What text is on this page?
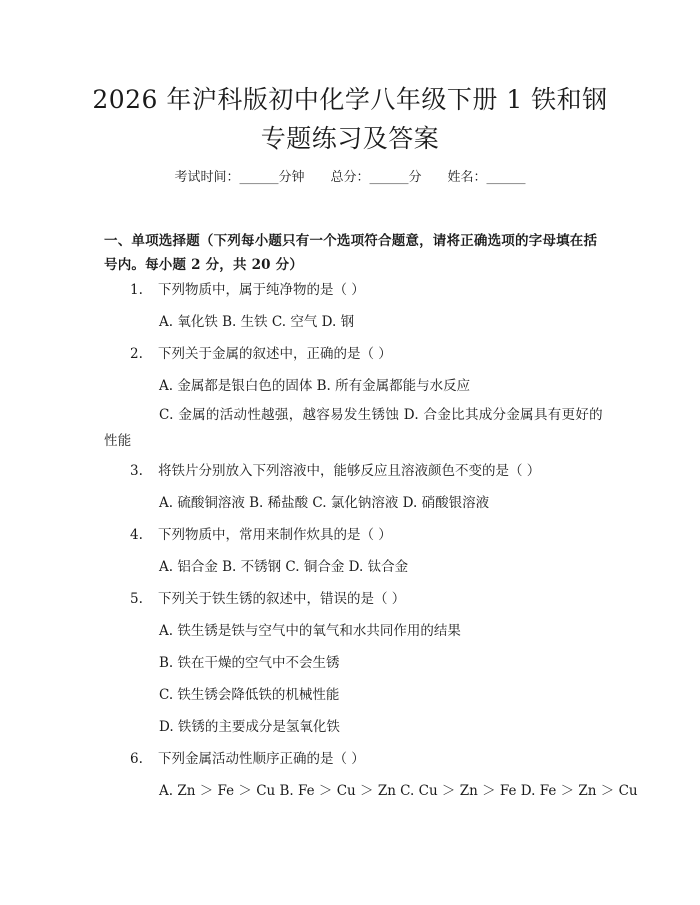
2026 年沪科版初中化学八年级下册 1 铁和钢
专题练习及答案
考试时间：______分钟 总分：______分 姓名：______
一、单项选择题（下列每小题只有一个选项符合题意，请将正确选项的字母填在括号内。每小题 2 分，共 20 分）
1. 下列物质中，属于纯净物的是（ ）
A. 氧化铁 B. 生铁 C. 空气 D. 钢
2. 下列关于金属的叙述中，正确的是（ ）
A. 金属都是银白色的固体 B. 所有金属都能与水反应
C. 金属的活动性越强，越容易发生锈蚀 D. 合金比其成分金属具有更好的性能
3. 将铁片分别放入下列溶液中，能够反应且溶液颜色不变的是（ ）
A. 硫酸铜溶液 B. 稀盐酸 C. 氯化钠溶液 D. 硝酸银溶液
4. 下列物质中，常用来制作炊具的是（ ）
A. 铝合金 B. 不锈钢 C. 铜合金 D. 钛合金
5. 下列关于铁生锈的叙述中，错误的是（ ）
A. 铁生锈是铁与空气中的氧气和水共同作用的结果
B. 铁在干燥的空气中不会生锈
C. 铁生锈会降低铁的机械性能
D. 铁锈的主要成分是氢氧化铁
6. 下列金属活动性顺序正确的是（ ）
A. Zn ＞ Fe ＞ Cu B. Fe ＞ Cu ＞ Zn C. Cu ＞ Zn ＞ Fe D. Fe ＞ Zn ＞ Cu
